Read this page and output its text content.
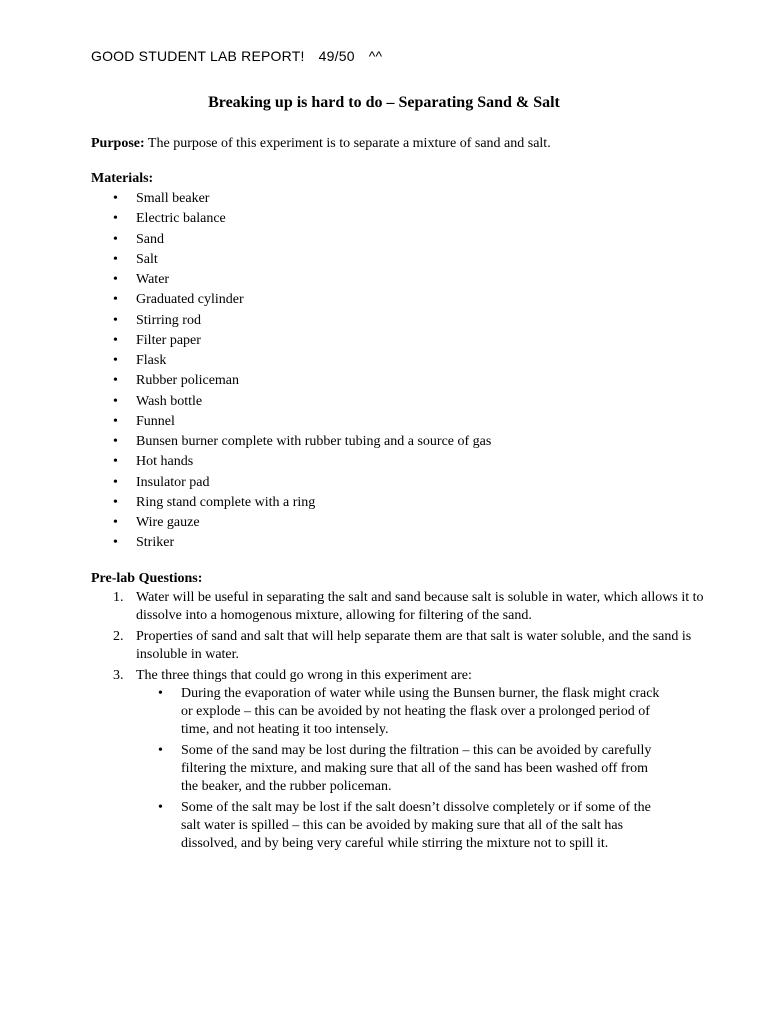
GOOD STUDENT LAB REPORT! 49/50 ^^
Breaking up is hard to do – Separating Sand & Salt
Purpose: The purpose of this experiment is to separate a mixture of sand and salt.
Materials:
• Small beaker
• Electric balance
• Sand
• Salt
• Water
• Graduated cylinder
• Stirring rod
• Filter paper
• Flask
• Rubber policeman
• Wash bottle
• Funnel
• Bunsen burner complete with rubber tubing and a source of gas
• Hot hands
• Insulator pad
• Ring stand complete with a ring
• Wire gauze
• Striker
Pre-lab Questions:
1. Water will be useful in separating the salt and sand because salt is soluble in water, which allows it to dissolve into a homogenous mixture, allowing for filtering of the sand.
2. Properties of sand and salt that will help separate them are that salt is water soluble, and the sand is insoluble in water.
3. The three things that could go wrong in this experiment are:
• During the evaporation of water while using the Bunsen burner, the flask might crack or explode – this can be avoided by not heating the flask over a prolonged period of time, and not heating it too intensely.
• Some of the sand may be lost during the filtration – this can be avoided by carefully filtering the mixture, and making sure that all of the sand has been washed off from the beaker, and the rubber policeman.
• Some of the salt may be lost if the salt doesn’t dissolve completely or if some of the salt water is spilled – this can be avoided by making sure that all of the salt has dissolved, and by being very careful while stirring the mixture not to spill it.
